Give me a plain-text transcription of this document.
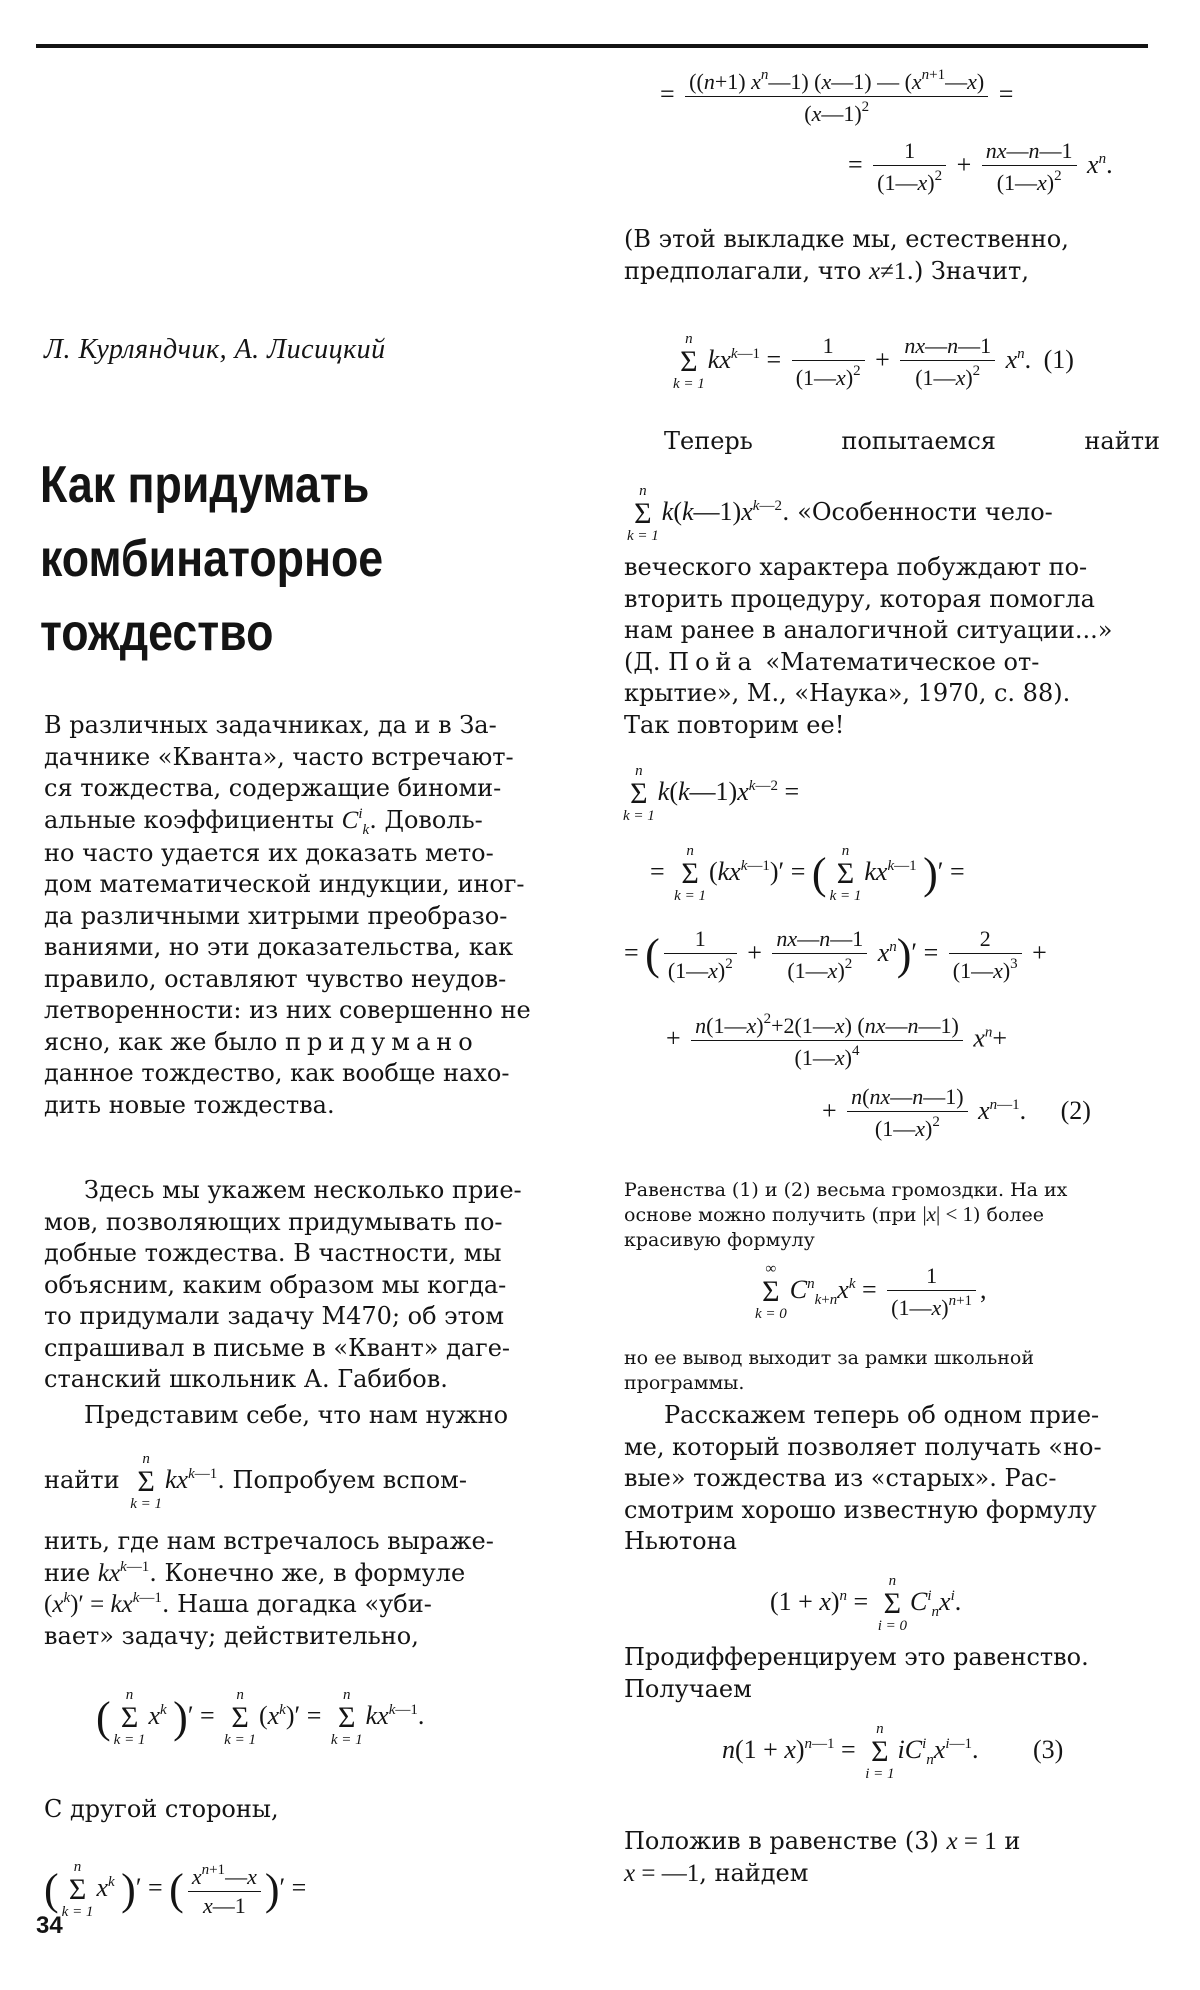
Л. Курляндчик, А. Лисицкий
Как придумать
комбинаторное
тождество
В различных задачниках, да и в За-
дачнике «Кванта», часто встречают-
ся тождества, содержащие биноми-
альные коэффициенты $C^i_k$. Доволь-
но часто удается их доказать мето-
дом математической индукции, иног-
да различными хитрыми преобразо-
ваниями, но эти доказательства, как
правило, оставляют чувство неудов-
летворенности: из них совершенно не
ясно, как же было придумано
данное тождество, как вообще нахо-
дить новые тождества.
Здесь мы укажем несколько прие-
мов, позволяющих придумывать по-
добные тождества. В частности, мы
объясним, каким образом мы когда-
то придумали задачу М470; об этом
спрашивал в письме в «Квант» даге-
станский школьник А. Габибов.
Представим себе, что нам нужно
найти
n
Σ
k = 1
$kx^{k—1}$. Попробуем вспом-
нить, где нам встречалось выраже-
ние $kx^{k—1}$. Конечно же, в формуле
$(x^k)' = kx^{k—1}$. Наша догадка «уби-
вает» задачу; действительно,
(	n
Σ
k = 1
$x^k$ )′ =
n
Σ
k = 1
$(x^k)'$ =
n
Σ
k = 1
$kx^{k—1}$.
С другой стороны,
(	n
Σ
k = 1
$x^k$ )′ = ( $\frac{x^{n+1}—x}{x—1}$ )′ =
34
= $\frac{((n+1) x^n—1) (x—1) — (x^{n+1}—x)}{(x—1)^2}$ =
= $\frac{1}{(1—x)^2} + \frac{nx—n—1}{(1—x)^2} x^n$.
(В этой выкладке мы, естественно,
предполагали, что x≠1.) Значит,
n
Σ
k = 1
$kx^{k—1} = \frac{1}{(1—x)^2} + \frac{nx—n—1}{(1—x)^2} x^n$. (1)
Теперь	попытаемся	найти
n
Σ
k = 1
$k(k—1)x^{k—2}$. «Особенности чело-
веческого характера побуждают по-
вторить процедуру, которая помогла
нам ранее в аналогичной ситуации...»
(Д. Пойа «Математическое от-
крытие», М., «Наука», 1970, с. 88).
Так повторим ее!
n
Σ
k = 1
$k(k—1)x^{k—2}$ =
=
n
Σ
k = 1
$(kx^{k—1})'$ = (	n
Σ
k = 1
$kx^{k—1}$ )′ =
= ( $\frac{1}{(1—x)^2} + \frac{nx—n—1}{(1—x)^2} x^n)' = \frac{2}{(1—x)^3}$ +
+ $\frac{n(1—x)^2+2(1—x) (nx—n—1)}{(1—x)^4} x^n+$
+ $\frac{n(nx—n—1)}{(1—x)^2} x^{n—1}$. (2)
Равенства (1) и (2) весьма громоздки. На их
основе можно получить (при |x| < 1) более
красивую формулу
∞
Σ
k = 0
$C^n_{k+n}x^k = \frac{1}{(1—x)^{n+1}}$ ,
но ее вывод выходит за рамки школьной
программы.
Расскажем теперь об одном прие-
ме, который позволяет получать «но-
вые» тождества из «старых». Рас-
смотрим хорошо известную формулу
Ньютона
$(1 + x)^n$ =
n
Σ
i = 0
$C^i_nx^i$.
Продифференцируем это равенство.
Получаем
$n(1 + x)^{n—1}$ =
n
Σ
i = 1
$iC^i_nx^{i—1}$. (3)
Положив в равенстве (3) x = 1 и
x = —1, найдем
